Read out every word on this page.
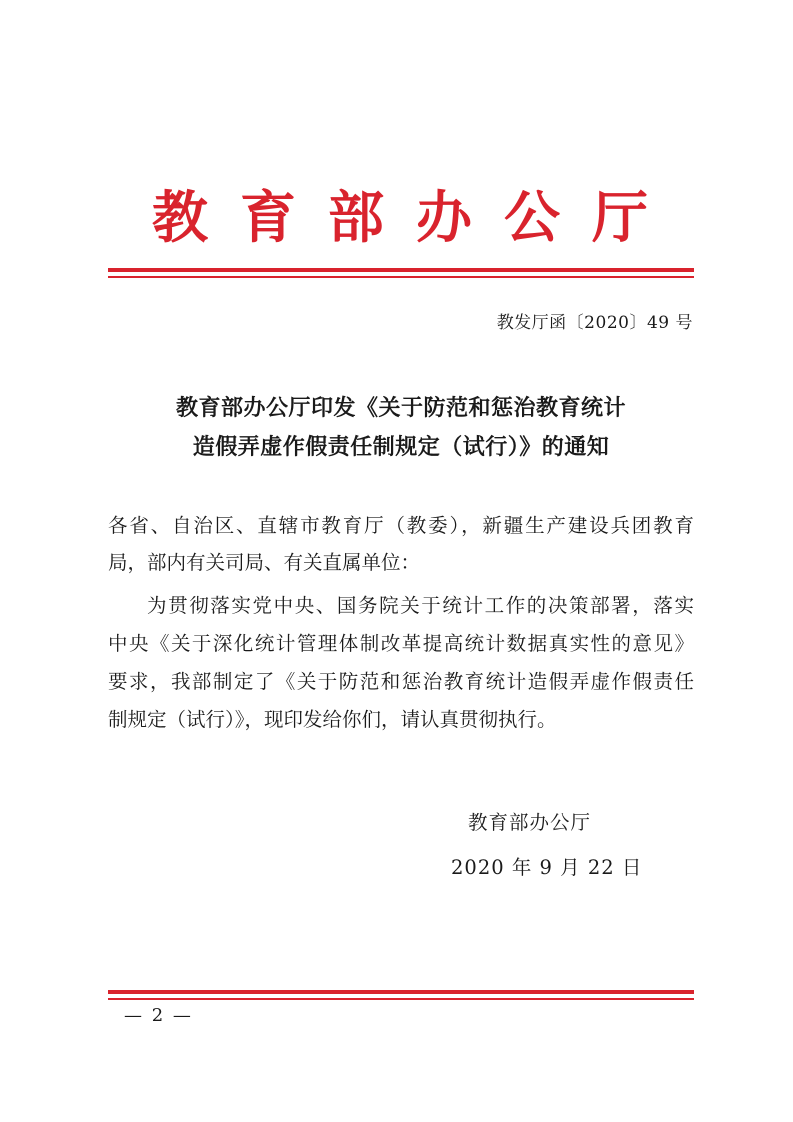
教 育 部 办 公 厅
教发厅函〔2020〕49 号
教育部办公厅印发《关于防范和惩治教育统计
造假弄虚作假责任制规定（试行）》的通知
各省、自治区、直辖市教育厅（教委），新疆生产建设兵团教育
局，部内有关司局、有关直属单位：
为贯彻落实党中央、国务院关于统计工作的决策部署，落实
中央《关于深化统计管理体制改革提高统计数据真实性的意见》
要求，我部制定了《关于防范和惩治教育统计造假弄虚作假责任
制规定（试行）》，现印发给你们，请认真贯彻执行。
教育部办公厅
2020 年 9 月 22 日
— 2 —
